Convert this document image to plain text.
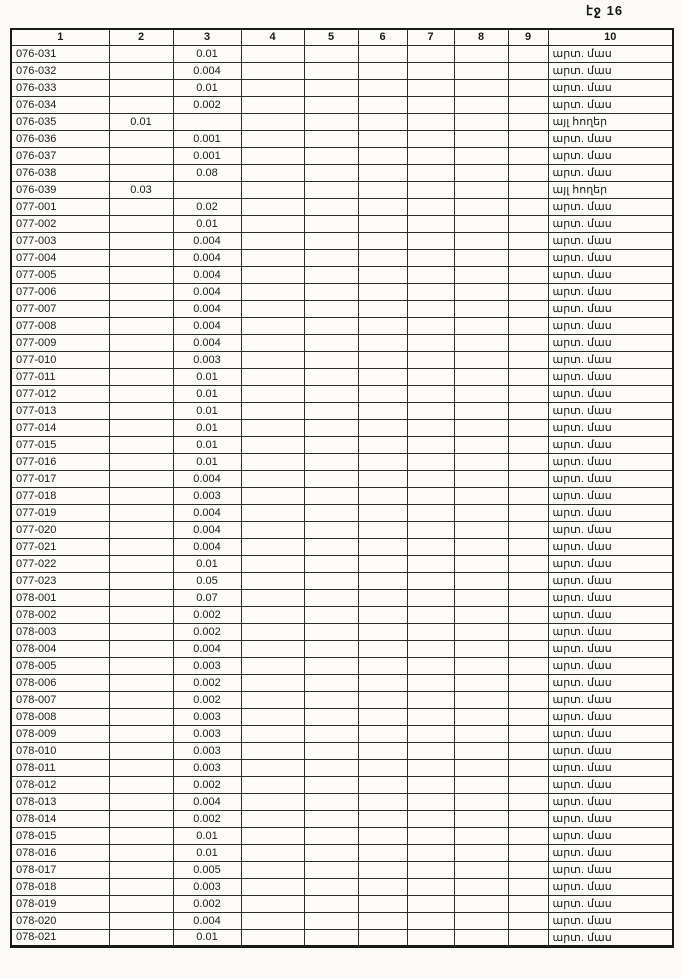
էջ 16
1	2	3	4	5	6	7	8	9	10
076-031		0.01							արտ. մաս
076-032		0.004							արտ. մաս
076-033		0.01							արտ. մաս
076-034		0.002							արտ. մաս
076-035	0.01								այլ հողեր
076-036		0.001							արտ. մաս
076-037		0.001							արտ. մաս
076-038		0.08							արտ. մաս
076-039	0.03								այլ հողեր
077-001		0.02							արտ. մաս
077-002		0.01							արտ. մաս
077-003		0.004							արտ. մաս
077-004		0.004							արտ. մաս
077-005		0.004							արտ. մաս
077-006		0.004							արտ. մաս
077-007		0.004							արտ. մաս
077-008		0.004							արտ. մաս
077-009		0.004							արտ. մաս
077-010		0.003							արտ. մաս
077-011		0.01							արտ. մաս
077-012		0.01							արտ. մաս
077-013		0.01							արտ. մաս
077-014		0.01							արտ. մաս
077-015		0.01							արտ. մաս
077-016		0.01							արտ. մաս
077-017		0.004							արտ. մաս
077-018		0.003							արտ. մաս
077-019		0.004							արտ. մաս
077-020		0.004							արտ. մաս
077-021		0.004							արտ. մաս
077-022		0.01							արտ. մաս
077-023		0.05							արտ. մաս
078-001		0.07							արտ. մաս
078-002		0.002							արտ. մաս
078-003		0.002							արտ. մաս
078-004		0.004							արտ. մաս
078-005		0.003							արտ. մաս
078-006		0.002							արտ. մաս
078-007		0.002							արտ. մաս
078-008		0.003							արտ. մաս
078-009		0.003							արտ. մաս
078-010		0.003							արտ. մաս
078-011		0.003							արտ. մաս
078-012		0.002							արտ. մաս
078-013		0.004							արտ. մաս
078-014		0.002							արտ. մաս
078-015		0.01							արտ. մաս
078-016		0.01							արտ. մաս
078-017		0.005							արտ. մաս
078-018		0.003							արտ. մաս
078-019		0.002							արտ. մաս
078-020		0.004							արտ. մաս
078-021		0.01							արտ. մաս
